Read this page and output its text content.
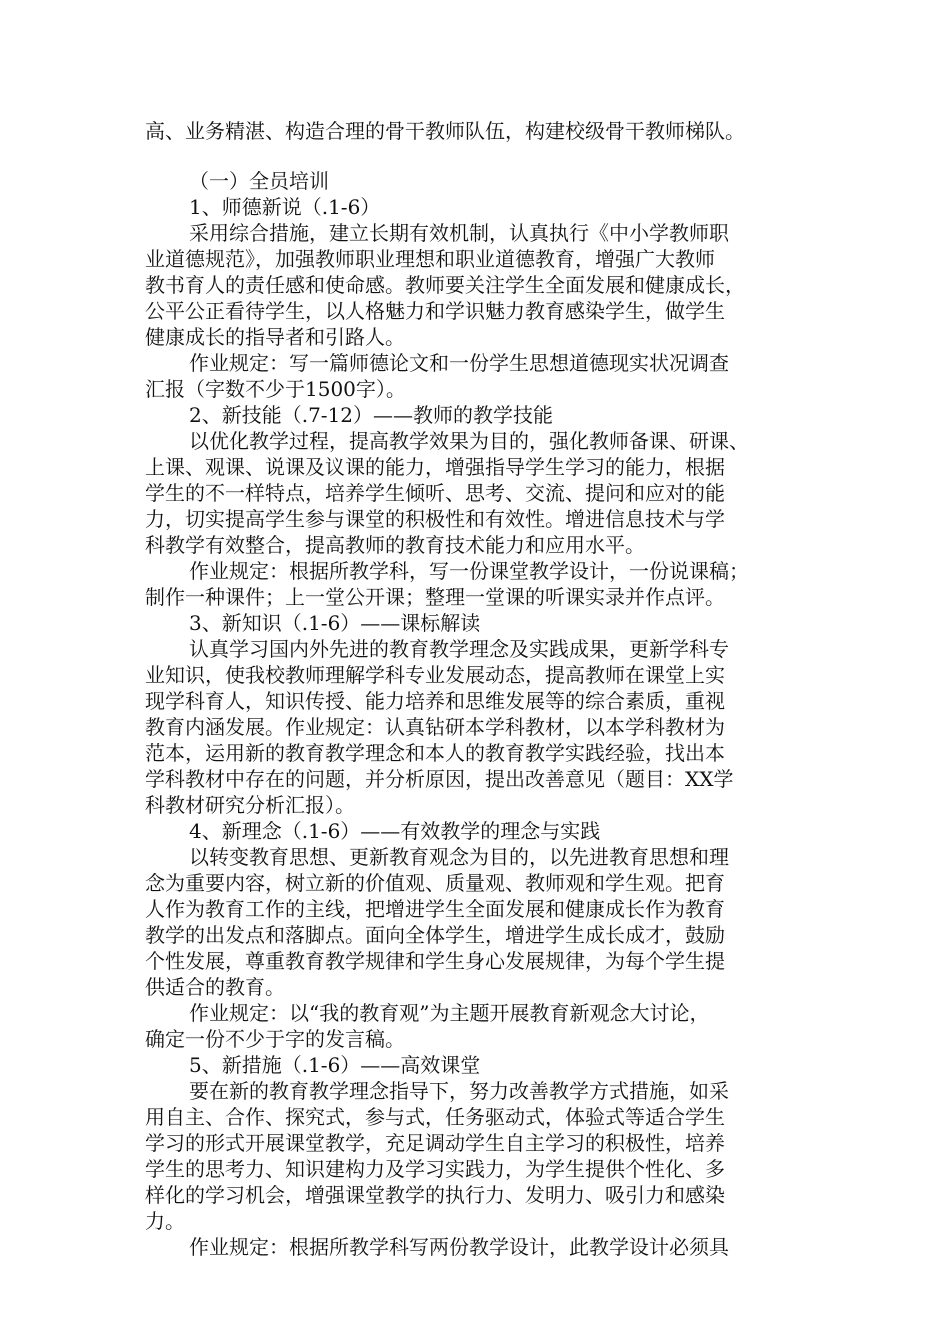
高、业务精湛、构造合理的骨干教师队伍，构建校级骨干教师梯队。
（一）全员培训
1、师德新说（.1-6）
采用综合措施，建立长期有效机制，认真执行《中小学教师职
业道德规范》，加强教师职业理想和职业道德教育，增强广大教师
教书育人的责任感和使命感。教师要关注学生全面发展和健康成长，
公平公正看待学生，以人格魅力和学识魅力教育感染学生，做学生
健康成长的指导者和引路人。
作业规定：写一篇师德论文和一份学生思想道德现实状况调查
汇报（字数不少于1500字）。
2、新技能（.7-12）——教师的教学技能
以优化教学过程，提高教学效果为目的，强化教师备课、研课、
上课、观课、说课及议课的能力，增强指导学生学习的能力，根据
学生的不一样特点，培养学生倾听、思考、交流、提问和应对的能
力，切实提高学生参与课堂的积极性和有效性。增进信息技术与学
科教学有效整合，提高教师的教育技术能力和应用水平。
作业规定：根据所教学科，写一份课堂教学设计，一份说课稿；
制作一种课件；上一堂公开课；整理一堂课的听课实录并作点评。
3、新知识（.1-6）——课标解读
认真学习国内外先进的教育教学理念及实践成果，更新学科专
业知识，使我校教师理解学科专业发展动态，提高教师在课堂上实
现学科育人，知识传授、能力培养和思维发展等的综合素质，重视
教育内涵发展。作业规定：认真钻研本学科教材，以本学科教材为
范本，运用新的教育教学理念和本人的教育教学实践经验，找出本
学科教材中存在的问题，并分析原因，提出改善意见（题目：XX学
科教材研究分析汇报）。
4、新理念（.1-6）——有效教学的理念与实践
以转变教育思想、更新教育观念为目的，以先进教育思想和理
念为重要内容，树立新的价值观、质量观、教师观和学生观。把育
人作为教育工作的主线，把增进学生全面发展和健康成长作为教育
教学的出发点和落脚点。面向全体学生，增进学生成长成才，鼓励
个性发展，尊重教育教学规律和学生身心发展规律，为每个学生提
供适合的教育。
作业规定：以“我的教育观”为主题开展教育新观念大讨论，
确定一份不少于字的发言稿。
5、新措施（.1-6）——高效课堂
要在新的教育教学理念指导下，努力改善教学方式措施，如采
用自主、合作、探究式，参与式，任务驱动式，体验式等适合学生
学习的形式开展课堂教学，充足调动学生自主学习的积极性，培养
学生的思考力、知识建构力及学习实践力，为学生提供个性化、多
样化的学习机会，增强课堂教学的执行力、发明力、吸引力和感染
力。
作业规定：根据所教学科写两份教学设计，此教学设计必须具
